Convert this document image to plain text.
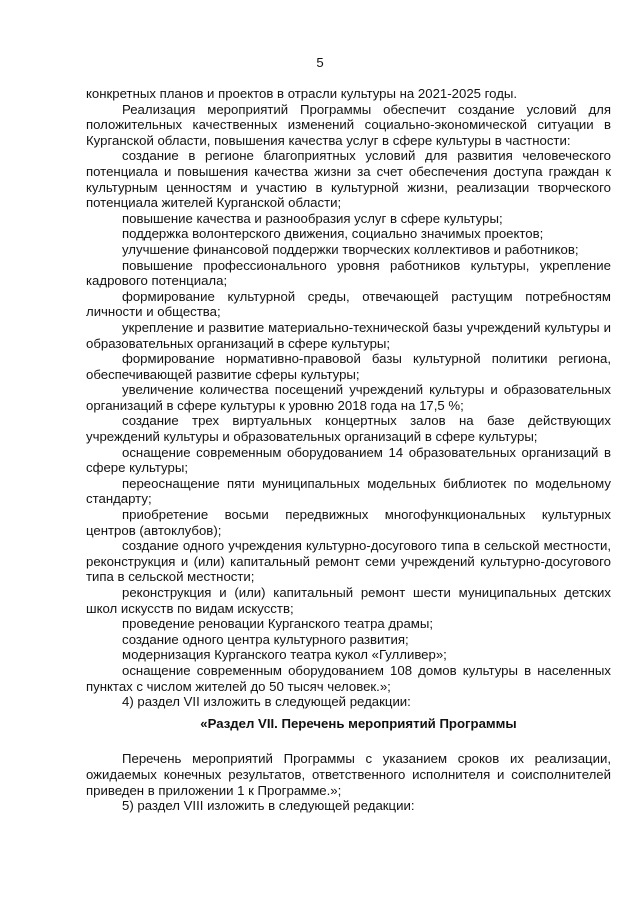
5

конкретных планов и проектов в отрасли культуры на 2021-2025 годы.

Реализация мероприятий Программы обеспечит создание условий для положительных качественных изменений социально-экономической ситуации в Курганской области, повышения качества услуг в сфере культуры в частности:

создание в регионе благоприятных условий для развития человеческого потенциала и повышения качества жизни за счет обеспечения доступа граждан к культурным ценностям и участию в культурной жизни, реализации творческого потенциала жителей Курганской области;

повышение качества и разнообразия услуг в сфере культуры;

поддержка волонтерского движения, социально значимых проектов;

улучшение финансовой поддержки творческих коллективов и работников;

повышение профессионального уровня работников культуры, укрепление кадрового потенциала;

формирование культурной среды, отвечающей растущим потребностям личности и общества;

укрепление и развитие материально-технической базы учреждений культуры и образовательных организаций в сфере культуры;

формирование нормативно-правовой базы культурной политики региона, обеспечивающей развитие сферы культуры;

увеличение количества посещений учреждений культуры и образовательных организаций в сфере культуры к уровню 2018 года на 17,5 %;

создание трех виртуальных концертных залов на базе действующих учреждений культуры и образовательных организаций в сфере культуры;

оснащение современным оборудованием 14 образовательных организаций в сфере культуры;

переоснащение пяти муниципальных модельных библиотек по модельному стандарту;

приобретение восьми передвижных многофункциональных культурных центров (автоклубов);

создание одного учреждения культурно-досугового типа в сельской местности, реконструкция и (или) капитальный ремонт семи учреждений культурно-досугового типа в сельской местности;

реконструкция и (или) капитальный ремонт шести муниципальных детских школ искусств по видам искусств;

проведение реновации Курганского театра драмы;

создание одного центра культурного развития;

модернизация Курганского театра кукол «Гулливер»;

оснащение современным оборудованием 108 домов культуры в населенных пунктах с числом жителей до 50 тысяч человек.»;

4) раздел VII изложить в следующей редакции:

«Раздел VII. Перечень мероприятий Программы

Перечень мероприятий Программы с указанием сроков их реализации, ожидаемых конечных результатов, ответственного исполнителя и соисполнителей приведен в приложении 1 к Программе.»;

5) раздел VIII изложить в следующей редакции:
